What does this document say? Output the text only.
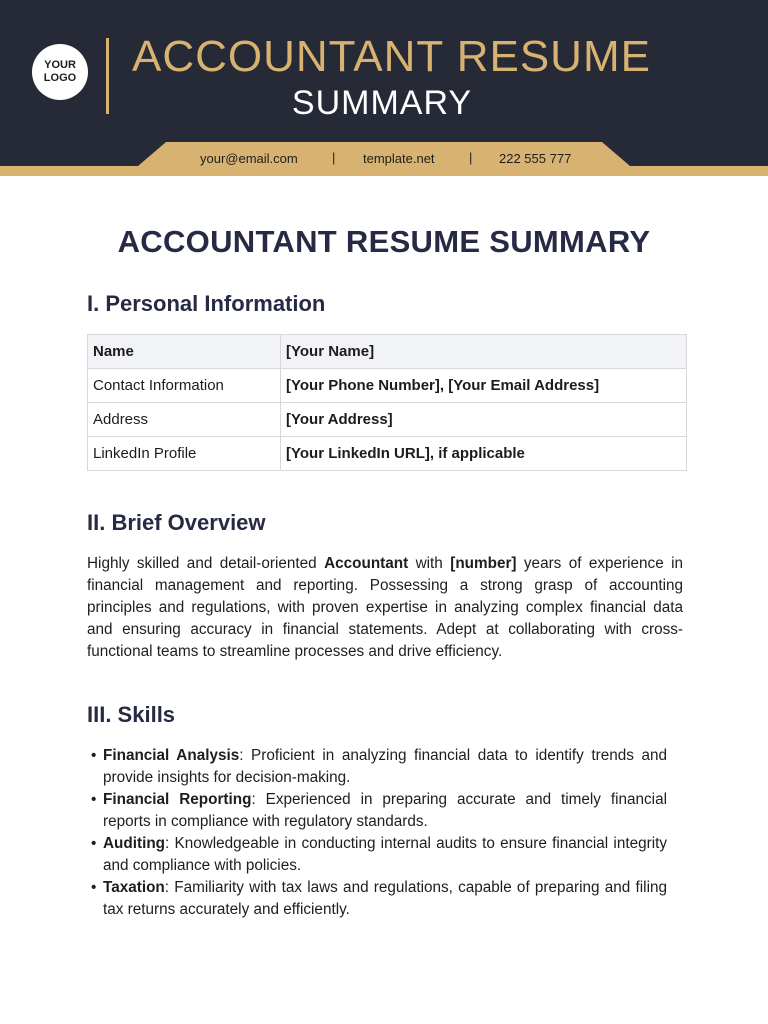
YOUR
LOGO ACCOUNTANT RESUME
SUMMARY
your@email.com	| template.net	| 222 555 777
ACCOUNTANT RESUME SUMMARY
I. Personal Information
Name	[Your Name]
Contact Information	[Your Phone Number], [Your Email Address]
Address	[Your Address]
LinkedIn Profile	[Your LinkedIn URL], if applicable
II. Brief Overview

Highly skilled and detail-oriented Accountant with [number] years of experience in financial management and reporting. Possessing a strong grasp of accounting principles and regulations, with proven expertise in analyzing complex financial data and ensuring accuracy in financial statements. Adept at collaborating with cross-functional teams to streamline processes and drive efficiency.

III. Skills
• Financial Analysis: Proficient in analyzing financial data to identify trends and provide insights for decision-making.
• Financial Reporting: Experienced in preparing accurate and timely financial reports in compliance with regulatory standards.
• Auditing: Knowledgeable in conducting internal audits to ensure financial integrity and compliance with policies.
• Taxation: Familiarity with tax laws and regulations, capable of preparing and filing tax returns accurately and efficiently.
